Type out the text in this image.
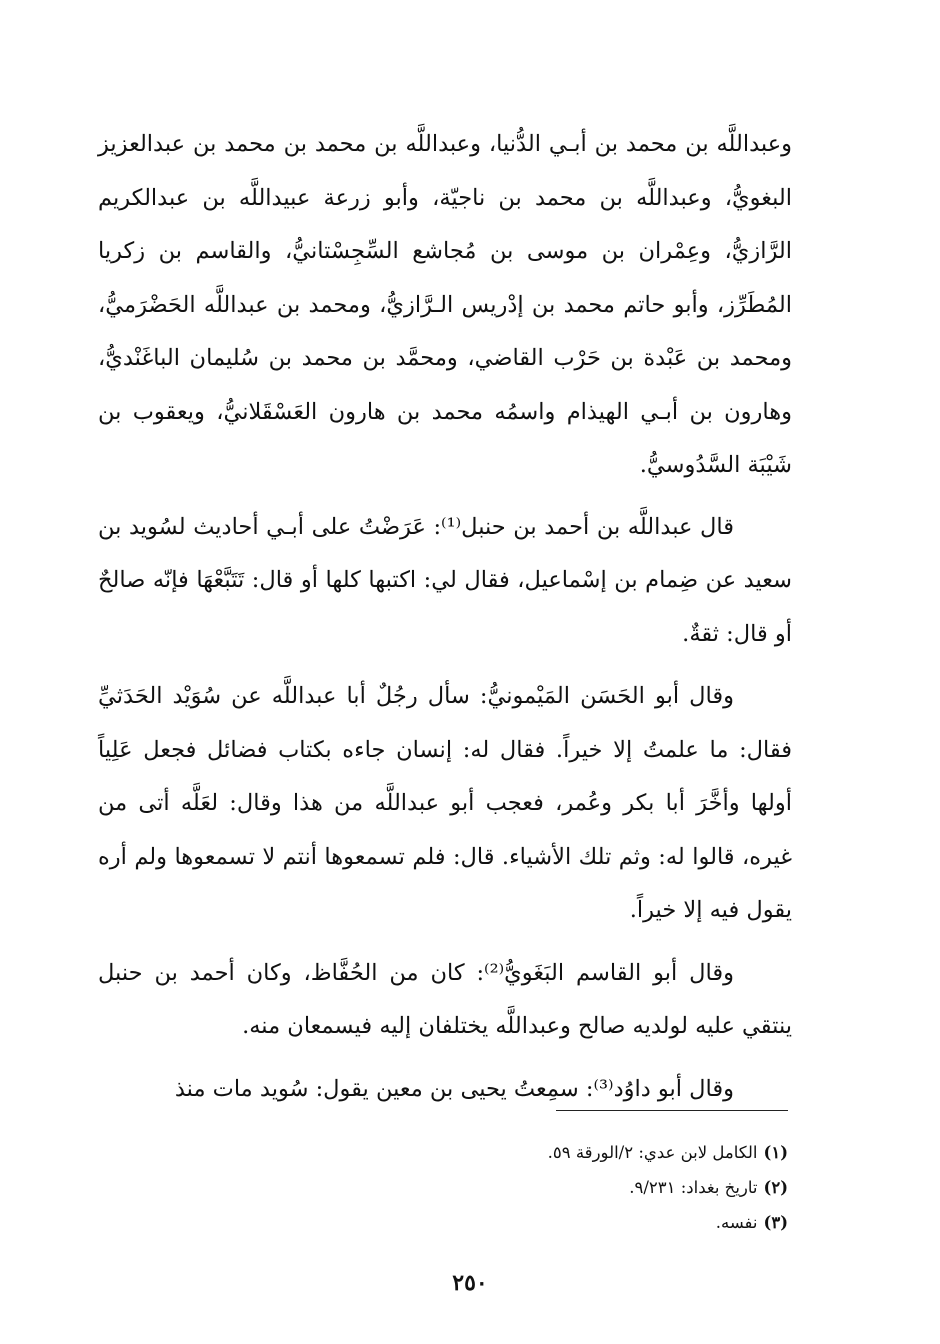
وعبداللَّه بن محمد بن أبـي الدُّنيا، وعبداللَّه بن محمد بن محمد بن عبدالعزيز البغويُّ، وعبداللَّه بن محمد بن ناجيّة، وأبو زرعة عبيداللَّه بن عبدالكريم الرَّازيُّ، وعِمْران بن موسى بن مُجاشع السِّجِسْتانيُّ، والقاسم بن زكريا المُطَرِّز، وأبو حاتم محمد بن إدْريس الـرَّازيُّ، ومحمد بن عبداللَّه الحَضْرَميُّ، ومحمد بن عَبْدة بن حَرْب القاضي، ومحمَّد بن محمد بن سُليمان الباغَنْديُّ، وهارون بن أبـي الهيذام واسمُه محمد بن هارون العَسْقَلانيُّ، ويعقوب بن شَيْبَة السَّدُوسيُّ.

قال عبداللَّه بن أحمد بن حنبل⁽¹⁾: عَرَضْتُ على أبـي أحاديث لسُويد بن سعيد عن ضِمام بن إسْماعيل، فقال لي: اكتبها كلها أو قال: تَتَبَّعْهَا فإنّه صالحٌ أو قال: ثقةٌ.

وقال أبو الحَسَن المَيْمونيُّ: سأل رجُلٌ أبا عبداللَّه عن سُوَيْد الحَدَثيِّ فقال: ما علمتُ إلا خيراً. فقال له: إنسان جاءه بكتاب فضائل فجعل عَلِياً أولها وأخَّرَ أبا بكر وعُمر، فعجب أبو عبداللَّه من هذا وقال: لعَلَّه أتى من غيره، قالوا له: وثم تلك الأشياء. قال: فلم تسمعوها أنتم لا تسمعوها ولم أره يقول فيه إلا خيراً.

وقال أبو القاسم البَغَويُّ⁽²⁾: كان من الحُفَّاظ، وكان أحمد بن حنبل ينتقي عليه لولديه صالح وعبداللَّه يختلفان إليه فيسمعان منه.

وقال أبو داوُد⁽³⁾: سمِعتُ يحيى بن معين يقول: سُويد مات منذ

(١)الكامل لابن عدي: ٢/الورقة ٥٩.
(٢)تاريخ بغداد: ٩/٢٣١.
(٣)نفسه.
٢٥٠
